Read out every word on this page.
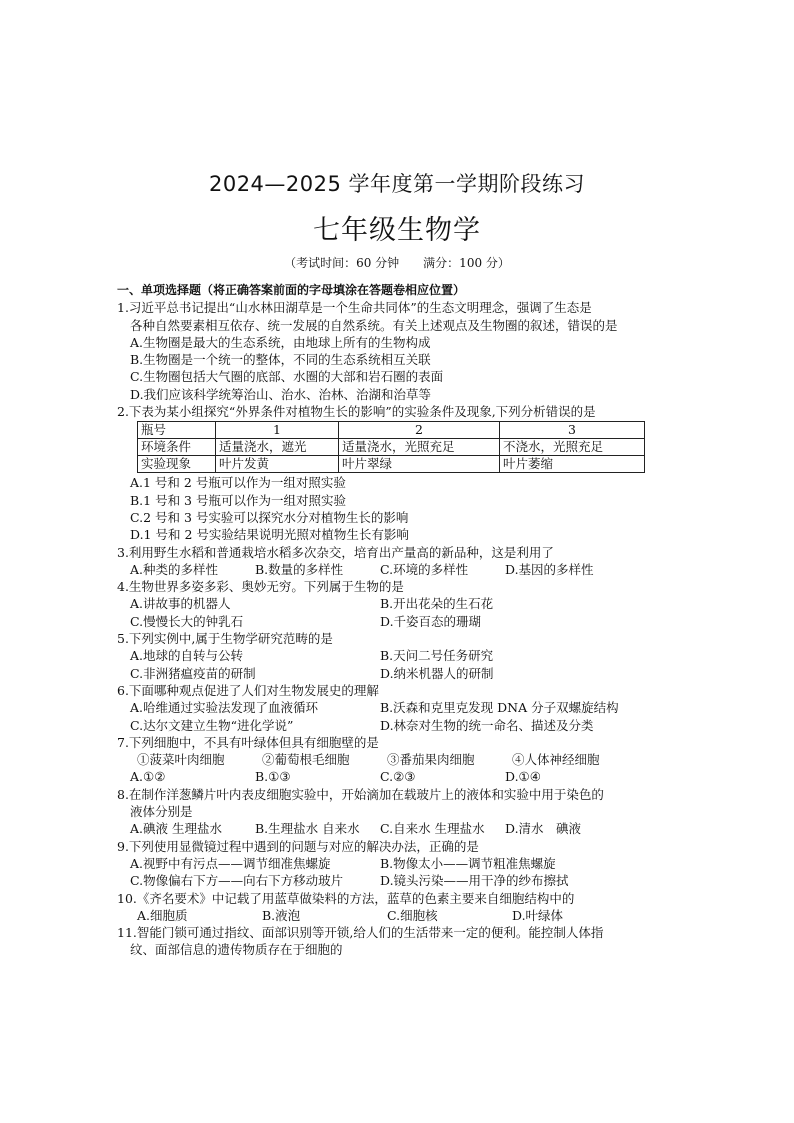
2024—2025 学年度第一学期阶段练习
七年级生物学
（考试时间：60 分钟　　满分：100 分）
一、单项选择题（将正确答案前面的字母填涂在答题卷相应位置）
1.习近平总书记提出“山水林田湖草是一个生命共同体”的生态文明理念，强调了生态是
各种自然要素相互依存、统一发展的自然系统。有关上述观点及生物圈的叙述，错误的是
A.生物圈是最大的生态系统，由地球上所有的生物构成
B.生物圈是一个统一的整体，不同的生态系统相互关联
C.生物圈包括大气圈的底部、水圈的大部和岩石圈的表面
D.我们应该科学统筹治山、治水、治林、治湖和治草等
2.下表为某小组探究“外界条件对植物生长的影响”的实验条件及现象,下列分析错误的是
瓶号	1	2	3
环境条件	适量浇水，遮光	适量浇水，光照充足	不浇水，光照充足
实验现象	叶片发黄	叶片翠绿	叶片萎缩
A.1 号和 2 号瓶可以作为一组对照实验
B.1 号和 3 号瓶可以作为一组对照实验
C.2 号和 3 号实验可以探究水分对植物生长的影响
D.1 号和 2 号实验结果说明光照对植物生长有影响
3.利用野生水稻和普通栽培水稻多次杂交，培育出产量高的新品种，这是利用了
A.种类的多样性	B.数量的多样性	C.环境的多样性	D.基因的多样性
4.生物世界多姿多彩、奥妙无穷。下列属于生物的是
A.讲故事的机器人	B.开出花朵的生石花
C.慢慢长大的钟乳石	D.千姿百态的珊瑚
5.下列实例中,属于生物学研究范畴的是
A.地球的自转与公转	B.天问二号任务研究
C.非洲猪瘟疫苗的研制	D.纳米机器人的研制
6.下面哪种观点促进了人们对生物发展史的理解
A.哈维通过实验法发现了血液循环	B.沃森和克里克发现 DNA 分子双螺旋结构
C.达尔文建立生物“进化学说”	D.林奈对生物的统一命名、描述及分类
7.下列细胞中，不具有叶绿体但具有细胞壁的是
①菠菜叶肉细胞	②葡萄根毛细胞	③番茄果肉细胞	④人体神经细胞
A.①②	B.①③	C.②③	D.①④
8.在制作洋葱鳞片叶内表皮细胞实验中，开始滴加在载玻片上的液体和实验中用于染色的
液体分别是
A.碘液 生理盐水	B.生理盐水 自来水	C.自来水 生理盐水	D.清水　碘液
9.下列使用显微镜过程中遇到的问题与对应的解决办法，正确的是
A.视野中有污点——调节细准焦螺旋	B.物像太小——调节粗准焦螺旋
C.物像偏右下方——向右下方移动玻片	D.镜头污染——用干净的纱布擦拭
10.《齐名要术》中记载了用蓝草做染料的方法，蓝草的色素主要来自细胞结构中的
A.细胞质	B.液泡	C.细胞核	D.叶绿体
11.智能门锁可通过指纹、面部识别等开锁,给人们的生活带来一定的便利。能控制人体指
纹、面部信息的遗传物质存在于细胞的
